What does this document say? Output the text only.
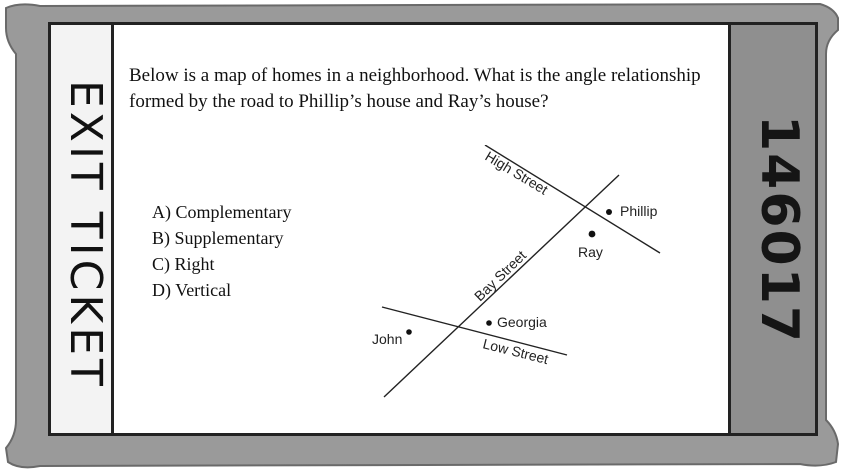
EXIT TICKET	146017
Below is a map of homes in a neighborhood. What is the angle relationship formed by the road to Phillip’s house and Ray’s house?
A) Complementary
B) Supplementary
C) Right
D) Vertical
High Street
Bay Street
Low Street
Phillip
Ray
Georgia
John
